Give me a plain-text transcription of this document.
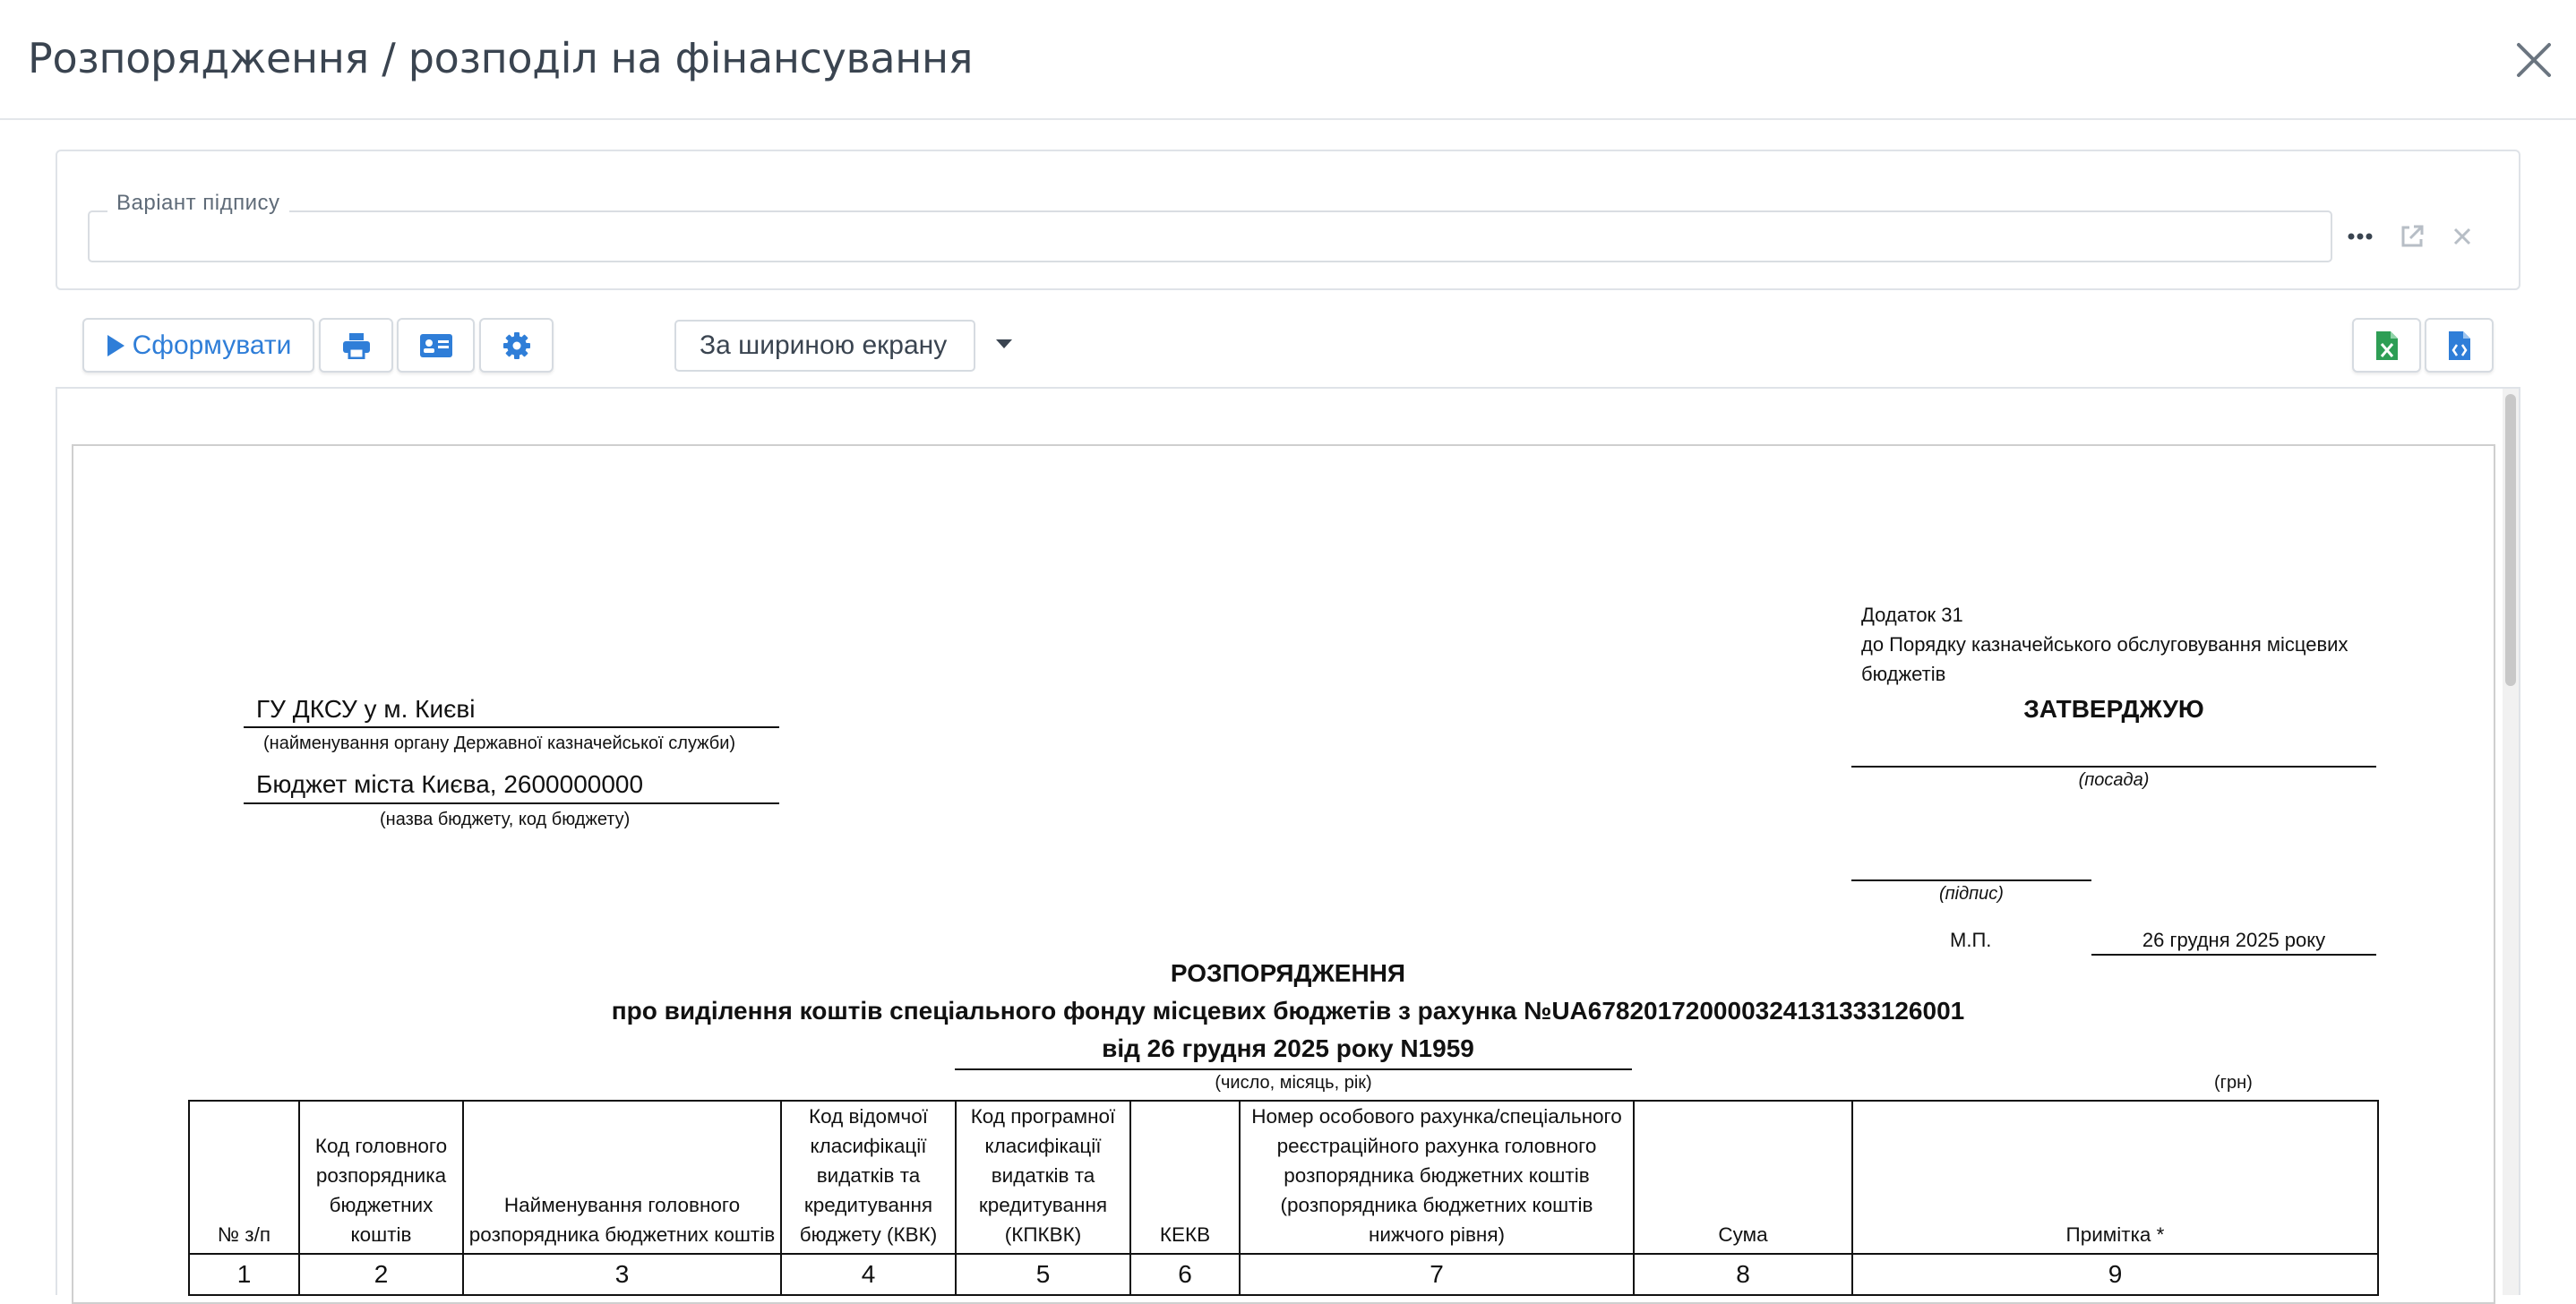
Розпорядження / розподіл на фінансування
Варіант підпису
Сформувати	За шириною екрану
ГУ ДКСУ у м. Києві
(найменування органу Державної казначейської служби)
Бюджет міста Києва, 2600000000
(назва бюджету, код бюджету)
Додаток 31
до Порядку казначейського обслуговування місцевих
бюджетів
ЗАТВЕРДЖУЮ
(посада)
(підпис)
М.П.	26 грудня 2025 року
РОЗПОРЯДЖЕННЯ
про виділення коштів спеціального фонду місцевих бюджетів з рахунка №UA678201720000324131333126001
від 26 грудня 2025 року N1959
(число, місяць, рік)	(грн)
№ з/п	Код головного розпорядника бюджетних коштів	Найменування головного розпорядника бюджетних коштів	Код відомчої класифікації видатків та кредитування бюджету (КВК)	Код програмної класифікації видатків та кредитування (КПКВК)	КЕКВ	Номер особового рахунка/спеціального реєстраційного рахунка головного розпорядника бюджетних коштів (розпорядника бюджетних коштів нижчого рівня)	Сума	Примітка *
1	2	3	4	5	6	7	8	9
